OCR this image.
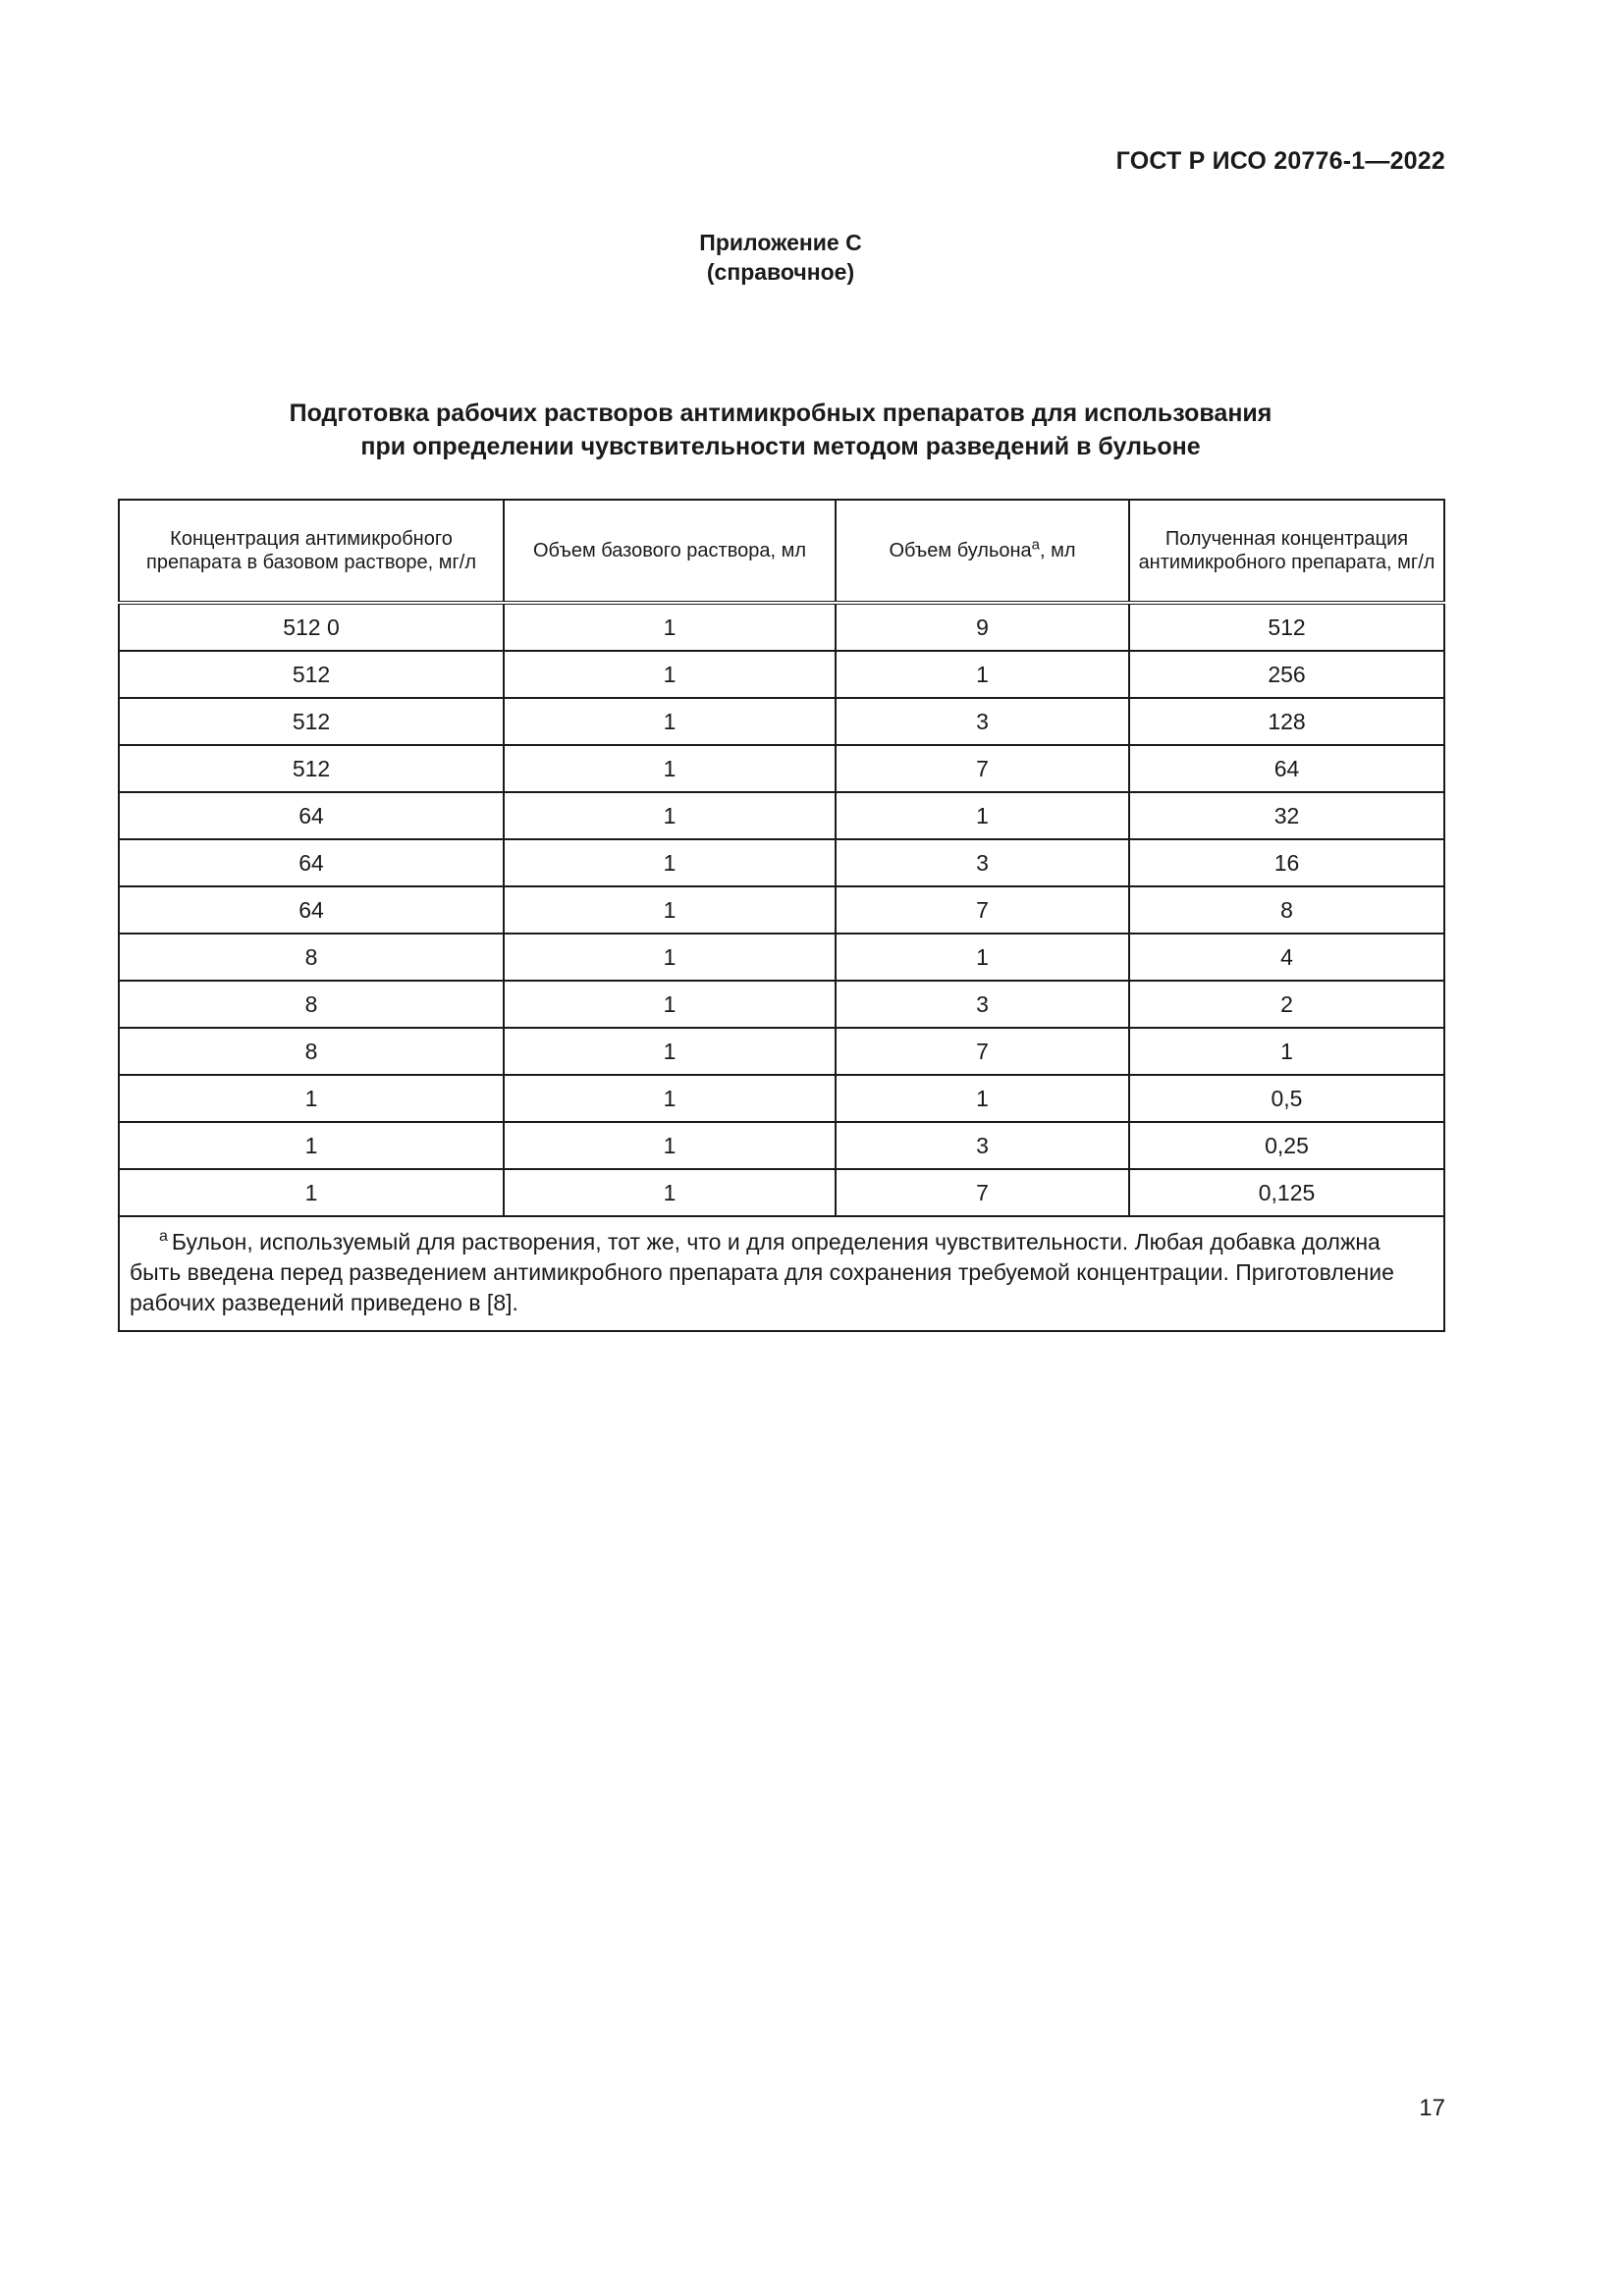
ГОСТ Р ИСО 20776-1—2022
Приложение С
(справочное)
Подготовка рабочих растворов антимикробных препаратов для использования
при определении чувствительности методом разведений в бульоне
Концентрация антимикробного препарата в базовом растворе, мг/л	Объем базового раствора, мл	Объем бульона$^a$, мл	Полученная концентрация антимикробного препарата, мг/л
512 0	1	9	512
512	1	1	256
512	1	3	128
512	1	7	64
64	1	1	32
64	1	3	16
64	1	7	8
8	1	1	4
8	1	3	2
8	1	7	1
1	1	1	0,5
1	1	3	0,25
1	1	7	0,125
$^a$ Бульон, используемый для растворения, тот же, что и для определения чувствительности. Любая добавка должна быть введена перед разведением антимикробного препарата для сохранения требуемой концентрации. Приготовление рабочих разведений приведено в [8].			
17
